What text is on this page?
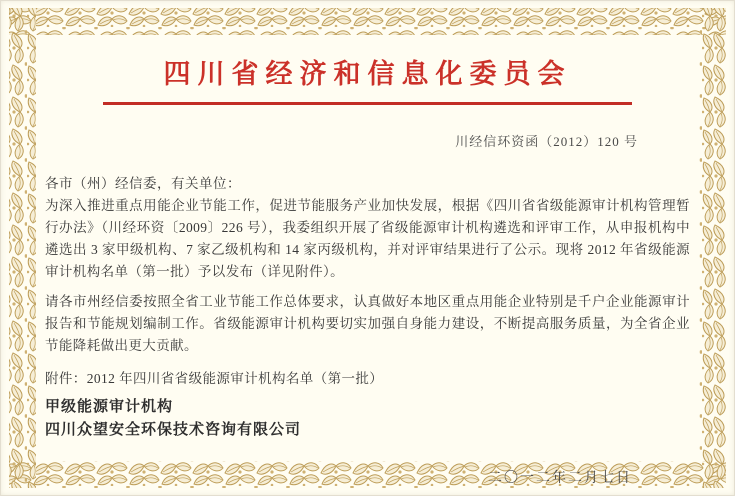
四川省经济和信息化委员会
川经信环资函（2012）120 号
各市（州）经信委，有关单位：
为深入推进重点用能企业节能工作，促进节能服务产业加快发展，根据《四川省省级能源审计机构管理暂行办法》（川经环资〔2009〕226 号），我委组织开展了省级能源审计机构遴选和评审工作，从申报机构中遴选出 3 家甲级机构、7 家乙级机构和 14 家丙级机构，并对评审结果进行了公示。现将 2012 年省级能源审计机构名单（第一批）予以发布（详见附件）。
请各市州经信委按照全省工业节能工作总体要求，认真做好本地区重点用能企业特别是千户企业能源审计报告和节能规划编制工作。省级能源审计机构要切实加强自身能力建设，不断提高服务质量，为全省企业节能降耗做出更大贡献。
附件：2012 年四川省省级能源审计机构名单（第一批）
甲级能源审计机构
四川众望安全环保技术咨询有限公司
二〇一二年二月七日
